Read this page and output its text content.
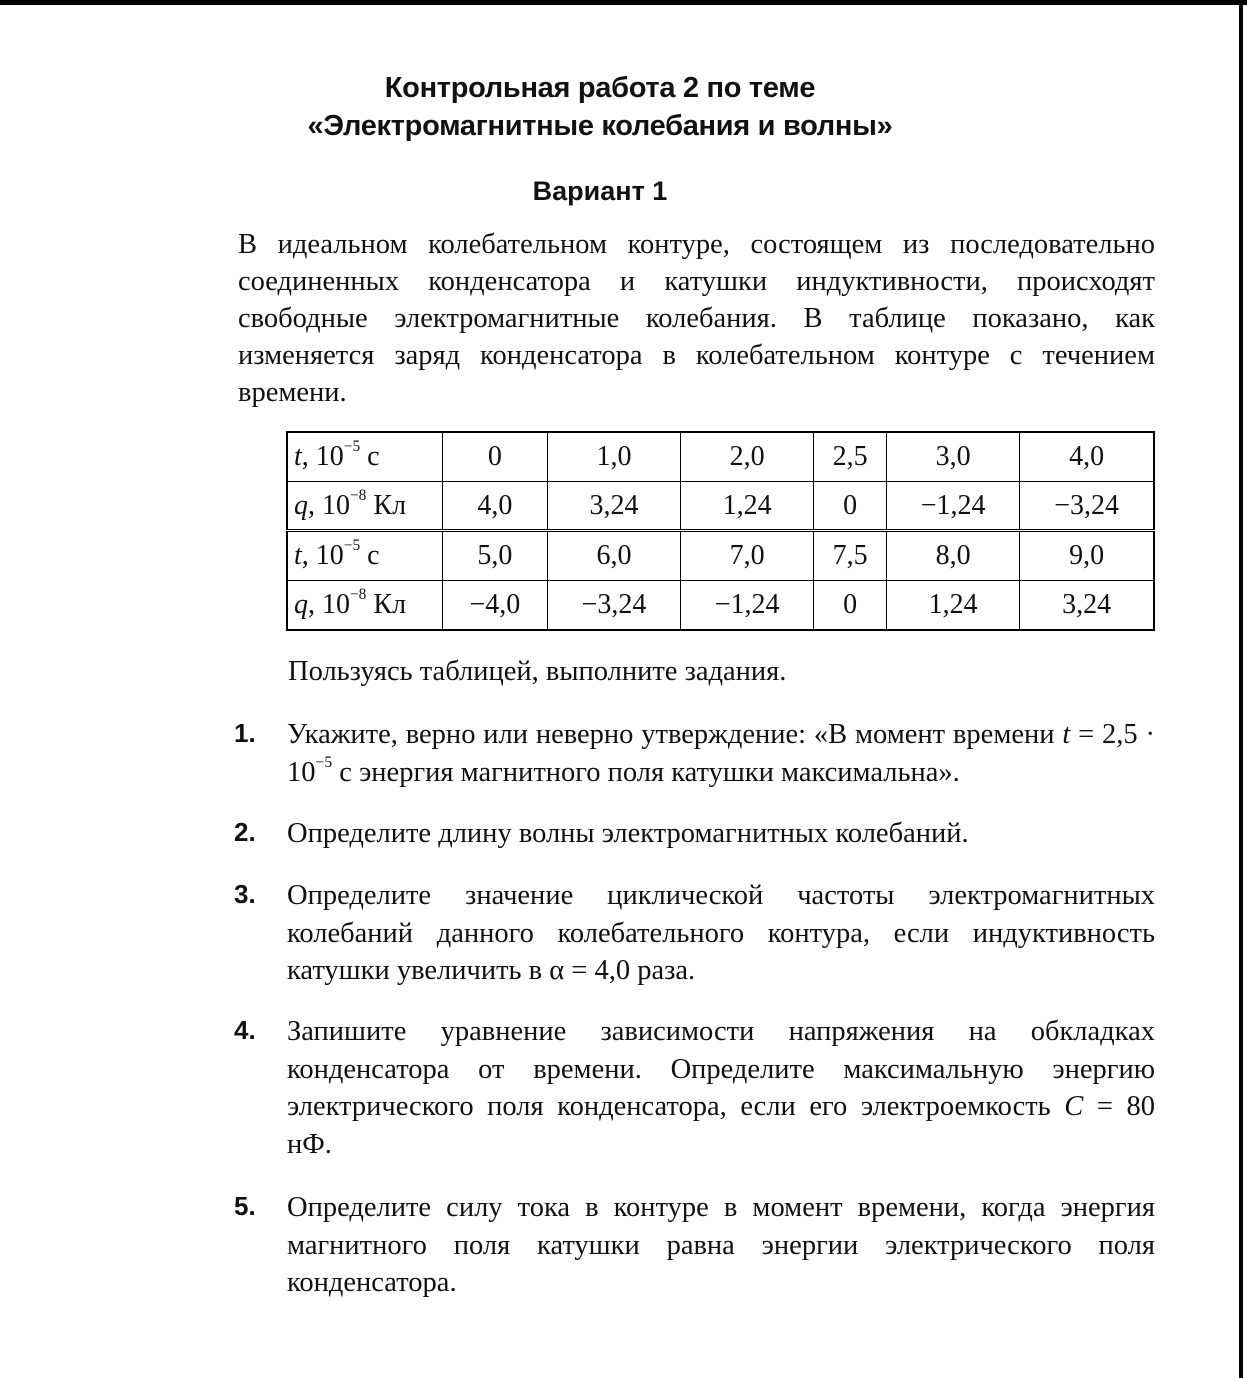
Контрольная работа 2 по теме
«Электромагнитные колебания и волны»
Вариант 1
В идеальном колебательном контуре, состоящем из последовательно соединенных конденсатора и катушки индуктивности, происходят свободные электромагнитные колебания. В таблице показано, как изменяется заряд конденсатора в колебательном контуре с течением времени.
t, $10^{-5}$ с	0	1,0	2,0	2,5	3,0	4,0
q, $10^{-8}$ Кл	4,0	3,24	1,24	0	−1,24	−3,24
t, $10^{-5}$ с	5,0	6,0	7,0	7,5	8,0	9,0
q, $10^{-8}$ Кл	−4,0	−3,24	−1,24	0	1,24	3,24
Пользуясь таблицей, выполните задания.
1. Укажите, верно или неверно утверждение: «В момент времени $t = 2,5 \cdot 10^{-5}$ с энергия магнитного поля катушки максимальна».
2. Определите длину волны электромагнитных колебаний.
3. Определите значение циклической частоты электромагнитных колебаний данного колебательного контура, если индуктивность катушки увеличить в α = 4,0 раза.
4. Запишите уравнение зависимости напряжения на обкладках конденсатора от времени. Определите максимальную энергию электрического поля конденсатора, если его электроемкость C = 80 нФ.
5. Определите силу тока в контуре в момент времени, когда энергия магнитного поля катушки равна энергии электрического поля конденсатора.
